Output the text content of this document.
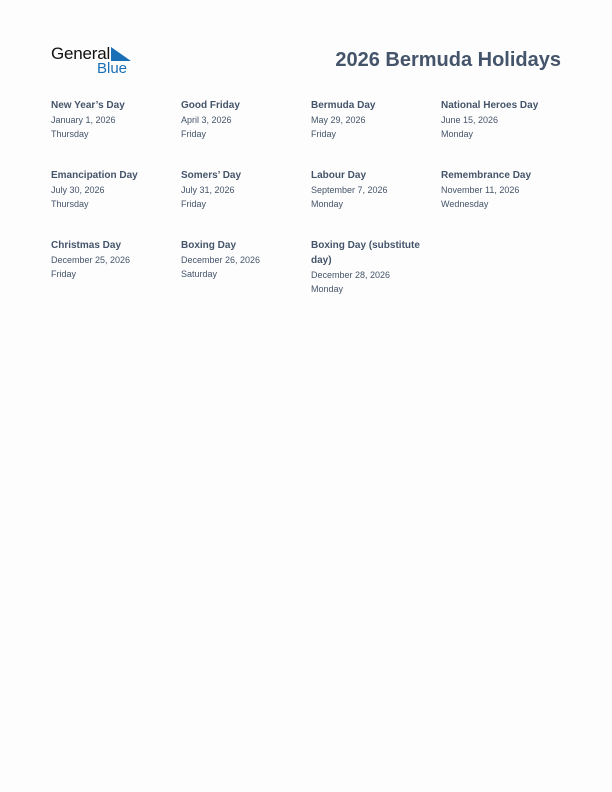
General
Blue	2026 Bermuda Holidays
New Year’s Day
January 1, 2026
Thursday
Good Friday
April 3, 2026
Friday
Bermuda Day
May 29, 2026
Friday
National Heroes Day
June 15, 2026
Monday
Emancipation Day
July 30, 2026
Thursday
Somers’ Day
July 31, 2026
Friday
Labour Day
September 7, 2026
Monday
Remembrance Day
November 11, 2026
Wednesday
Christmas Day
December 25, 2026
Friday
Boxing Day
December 26, 2026
Saturday
Boxing Day (substitute day)
December 28, 2026
Monday
